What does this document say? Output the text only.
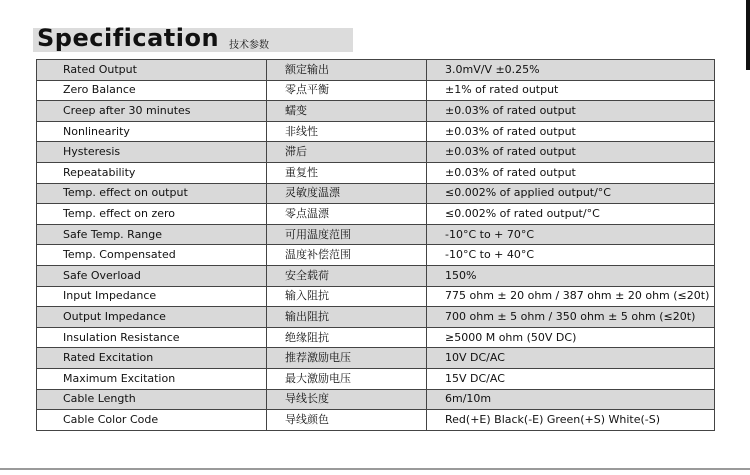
Specification 技术参数
Rated Output	额定输出	3.0mV/V ±0.25%
Zero Balance	零点平衡	±1% of rated output
Creep after 30 minutes	蠕变	±0.03% of rated output
Nonlinearity	非线性	±0.03% of rated output
Hysteresis	滞后	±0.03% of rated output
Repeatability	重复性	±0.03% of rated output
Temp. effect on output	灵敏度温漂	≤0.002% of applied output/°C
Temp. effect on zero	零点温漂	≤0.002% of rated output/°C
Safe Temp. Range	可用温度范围	-10°C to + 70°C
Temp. Compensated	温度补偿范围	-10°C to + 40°C
Safe Overload	安全载荷	150%
Input Impedance	输入阻抗	775 ohm ± 20 ohm / 387 ohm ± 20 ohm (≤20t)
Output Impedance	输出阻抗	700 ohm ± 5 ohm / 350 ohm ± 5 ohm (≤20t)
Insulation Resistance	绝缘阻抗	≥5000 M ohm (50V DC)
Rated Excitation	推荐激励电压	10V DC/AC
Maximum Excitation	最大激励电压	15V DC/AC
Cable Length	导线长度	6m/10m
Cable Color Code	导线颜色	Red(+E) Black(-E) Green(+S) White(-S)
